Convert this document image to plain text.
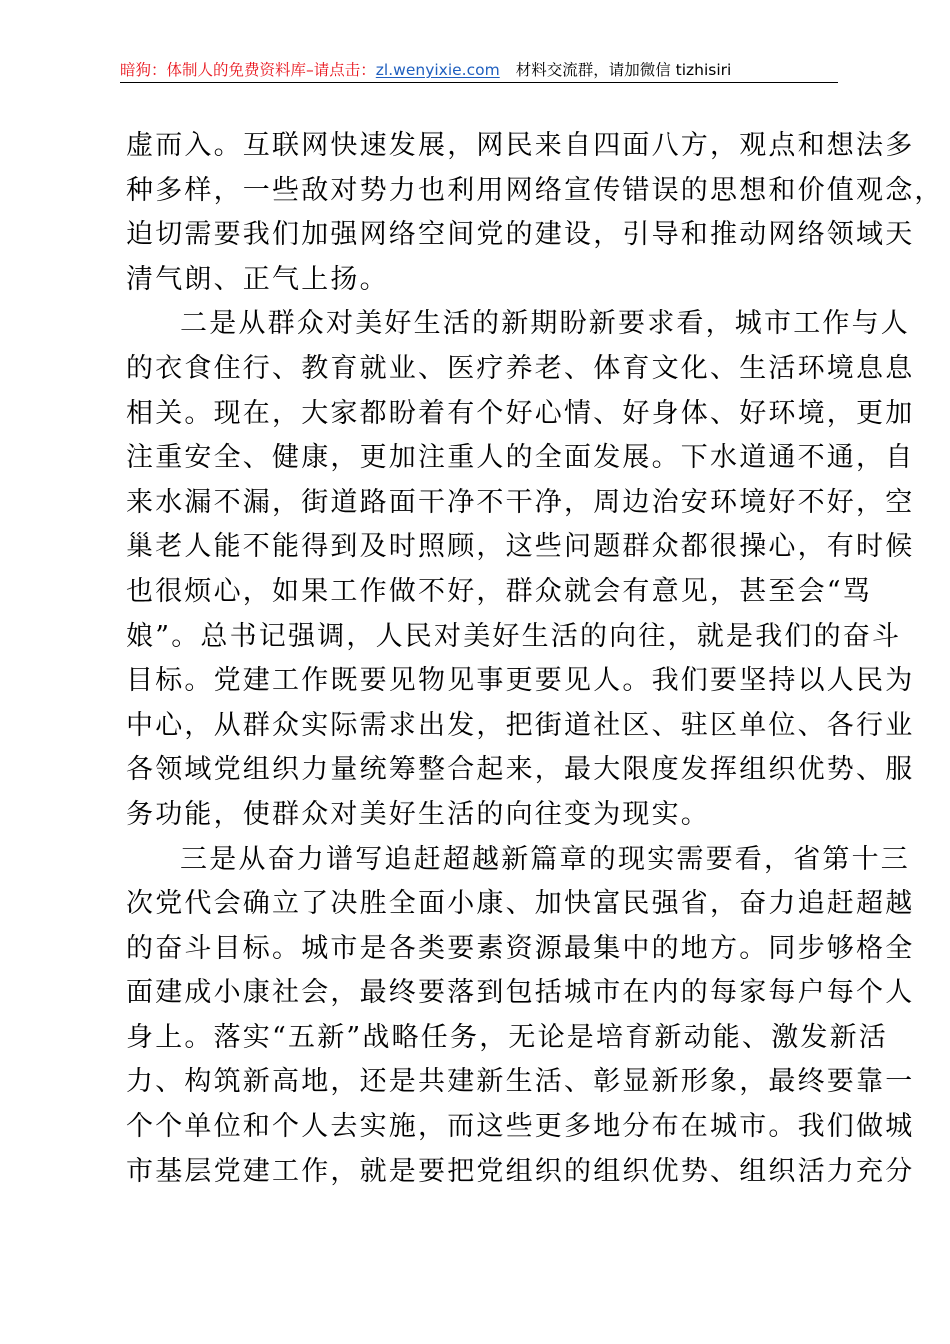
暗狗：体制人的免费资料库–请点击：zl.wenyixie.com 材料交流群，请加微信 tizhisiri

虚而入。互联网快速发展，网民来自四面八方，观点和想法多

种多样，一些敌对势力也利用网络宣传错误的思想和价值观念，

迫切需要我们加强网络空间党的建设，引导和推动网络领域天

清气朗、正气上扬。

二是从群众对美好生活的新期盼新要求看，城市工作与人

的衣食住行、教育就业、医疗养老、体育文化、生活环境息息

相关。现在，大家都盼着有个好心情、好身体、好环境，更加

注重安全、健康，更加注重人的全面发展。下水道通不通，自

来水漏不漏，街道路面干净不干净，周边治安环境好不好，空

巢老人能不能得到及时照顾，这些问题群众都很操心，有时候

也很烦心，如果工作做不好，群众就会有意见，甚至会“骂

娘”。总书记强调，人民对美好生活的向往，就是我们的奋斗

目标。党建工作既要见物见事更要见人。我们要坚持以人民为

中心，从群众实际需求出发，把街道社区、驻区单位、各行业

各领域党组织力量统筹整合起来，最大限度发挥组织优势、服

务功能，使群众对美好生活的向往变为现实。

三是从奋力谱写追赶超越新篇章的现实需要看，省第十三

次党代会确立了决胜全面小康、加快富民强省，奋力追赶超越

的奋斗目标。城市是各类要素资源最集中的地方。同步够格全

面建成小康社会，最终要落到包括城市在内的每家每户每个人

身上。落实“五新”战略任务，无论是培育新动能、激发新活

力、构筑新高地，还是共建新生活、彰显新形象，最终要靠一

个个单位和个人去实施，而这些更多地分布在城市。我们做城

市基层党建工作，就是要把党组织的组织优势、组织活力充分
